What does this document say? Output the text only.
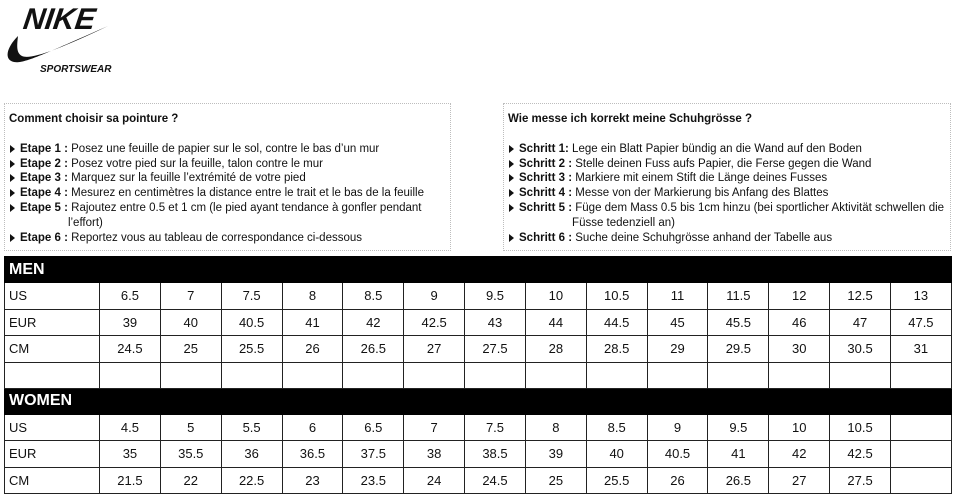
NIKE
SPORTSWEAR
Comment choisir sa pointure ?
Etape 1 : Posez une feuille de papier sur le sol, contre le bas d’un mur
Etape 2 : Posez votre pied sur la feuille, talon contre le mur
Etape 3 : Marquez sur la feuille l’extrémité de votre pied
Etape 4 : Mesurez en centimètres la distance entre le trait et le bas de la feuille
Etape 5 : Rajoutez entre 0.5 et 1 cm (le pied ayant tendance à gonfler pendant l’effort)
Etape 6 : Reportez vous au tableau de correspondance ci-dessous
Wie messe ich korrekt meine Schuhgrösse ?
Schritt 1: Lege ein Blatt Papier bündig an die Wand auf den Boden
Schritt 2 : Stelle deinen Fuss aufs Papier, die Ferse gegen die Wand
Schritt 3 : Markiere mit einem Stift die Länge deines Fusses
Schritt 4 : Messe von der Markierung bis Anfang des Blattes
Schritt 5 : Füge dem Mass 0.5 bis 1cm hinzu (bei sportlicher Aktivität schwellen die Füsse tedenziell an)
Schritt 6 : Suche deine Schuhgrösse anhand der Tabelle aus
MEN														
US	6.5	7	7.5	8	8.5	9	9.5	10	10.5	11	11.5	12	12.5	13
EUR	39	40	40.5	41	42	42.5	43	44	44.5	45	45.5	46	47	47.5
CM	24.5	25	25.5	26	26.5	27	27.5	28	28.5	29	29.5	30	30.5	31

WOMEN														
US	4.5	5	5.5	6	6.5	7	7.5	8	8.5	9	9.5	10	10.5	
EUR	35	35.5	36	36.5	37.5	38	38.5	39	40	40.5	41	42	42.5	
CM	21.5	22	22.5	23	23.5	24	24.5	25	25.5	26	26.5	27	27.5	
